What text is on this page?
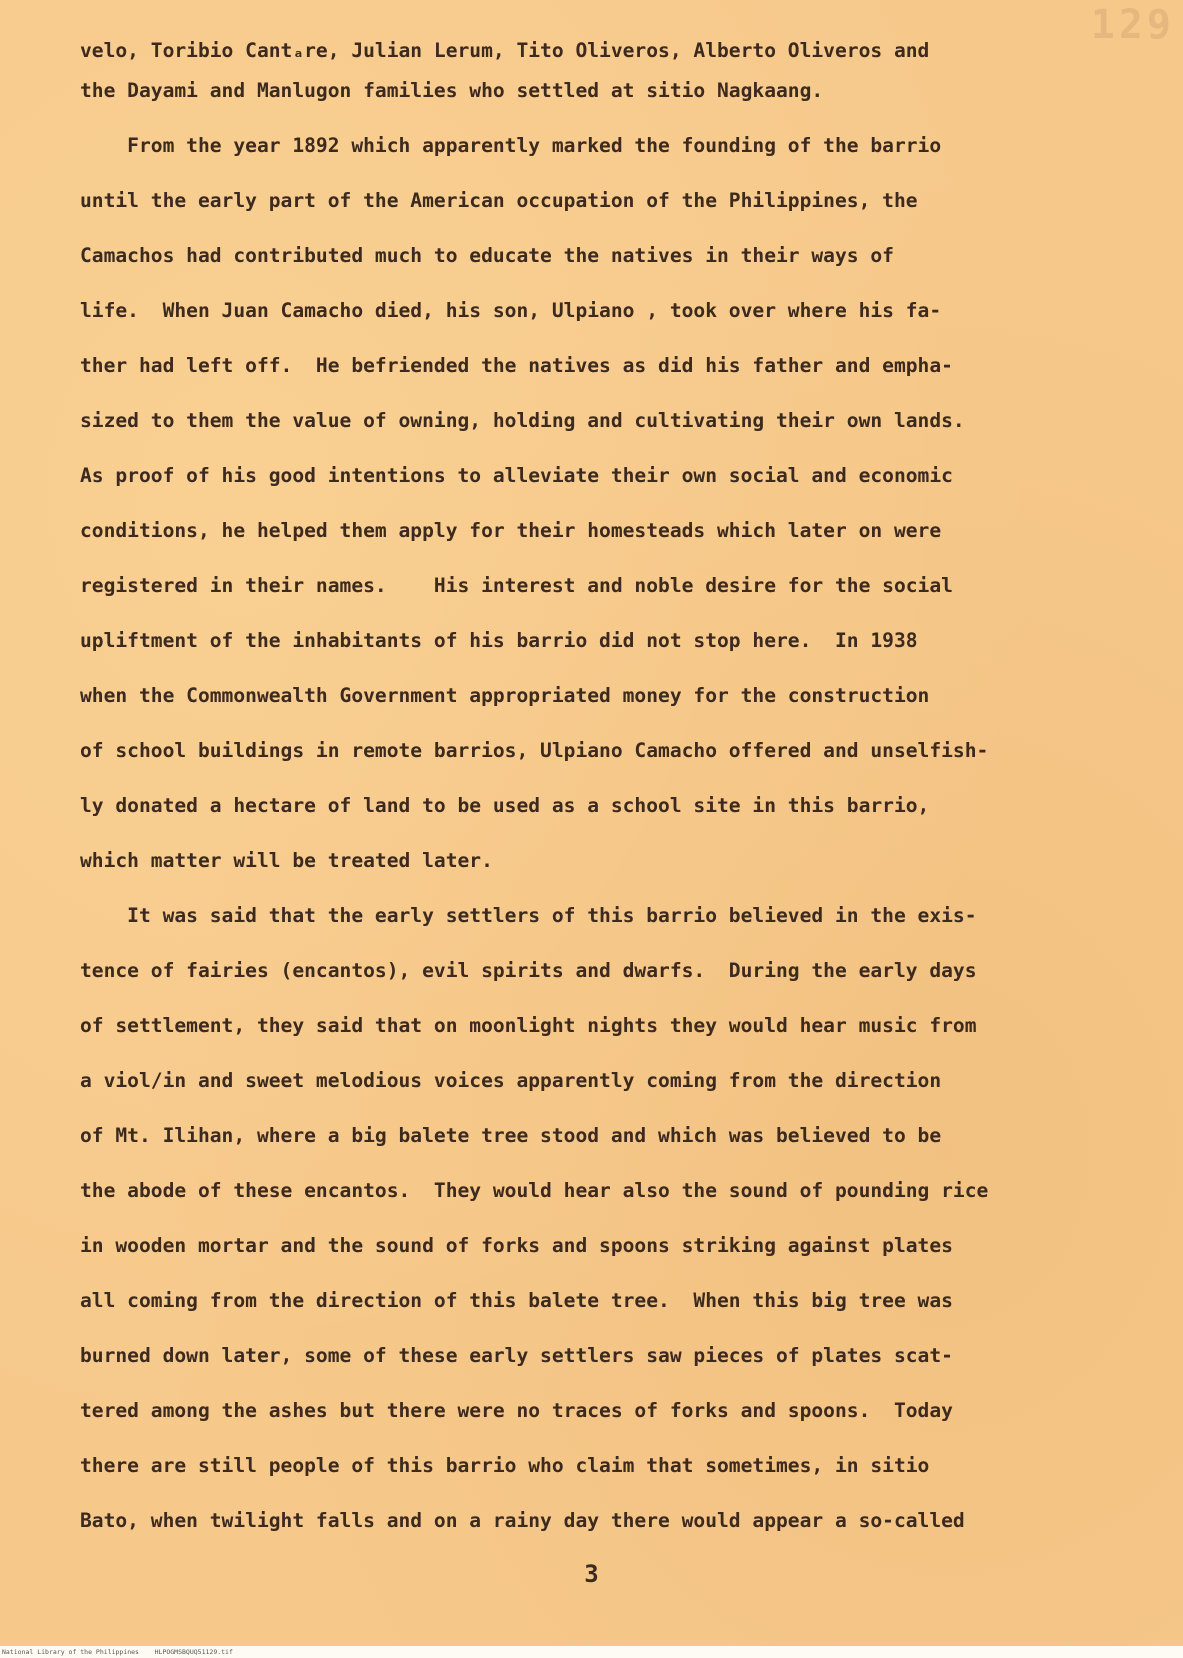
129
velo, Toribio Cantₐre, Julian Lerum, Tito Oliveros, Alberto Oliveros and
the Dayami and Manlugon families who settled at sitio Nagkaang.
From the year 1892 which apparently marked the founding of the barrio
until the early part of the American occupation of the Philippines, the
Camachos had contributed much to educate the natives in their ways of
life.  When Juan Camacho died, his son, Ulpiano , took over where his fa-
ther had left off.  He befriended the natives as did his father and empha-
sized to them the value of owning, holding and cultivating their own lands.
As proof of his good intentions to alleviate their own social and economic
conditions, he helped them apply for their homesteads which later on were
registered in their names.    His interest and noble desire for the social
upliftment of the inhabitants of his barrio did not stop here.  In 1938
when the Commonwealth Government appropriated money for the construction
of school buildings in remote barrios, Ulpiano Camacho offered and unselfish-
ly donated a hectare of land to be used as a school site in this barrio,
which matter will be treated later.
It was said that the early settlers of this barrio believed in the exis-
tence of fairies (encantos), evil spirits and dwarfs.  During the early days
of settlement, they said that on moonlight nights they would hear music from
a viol/in and sweet melodious voices apparently coming from the direction
of Mt. Ilihan, where a big balete tree stood and which was believed to be
the abode of these encantos.  They would hear also the sound of pounding rice
in wooden mortar and the sound of forks and spoons striking against plates
all coming from the direction of this balete tree.  When this big tree was
burned down later, some of these early settlers saw pieces of plates scat-
tered among the ashes but there were no traces of forks and spoons.  Today
there are still people of this barrio who claim that sometimes, in sitio
Bato, when twilight falls and on a rainy day there would appear a so-called
3
National Library of the Philippines    HLPOGMSBQUQ51129.tif
